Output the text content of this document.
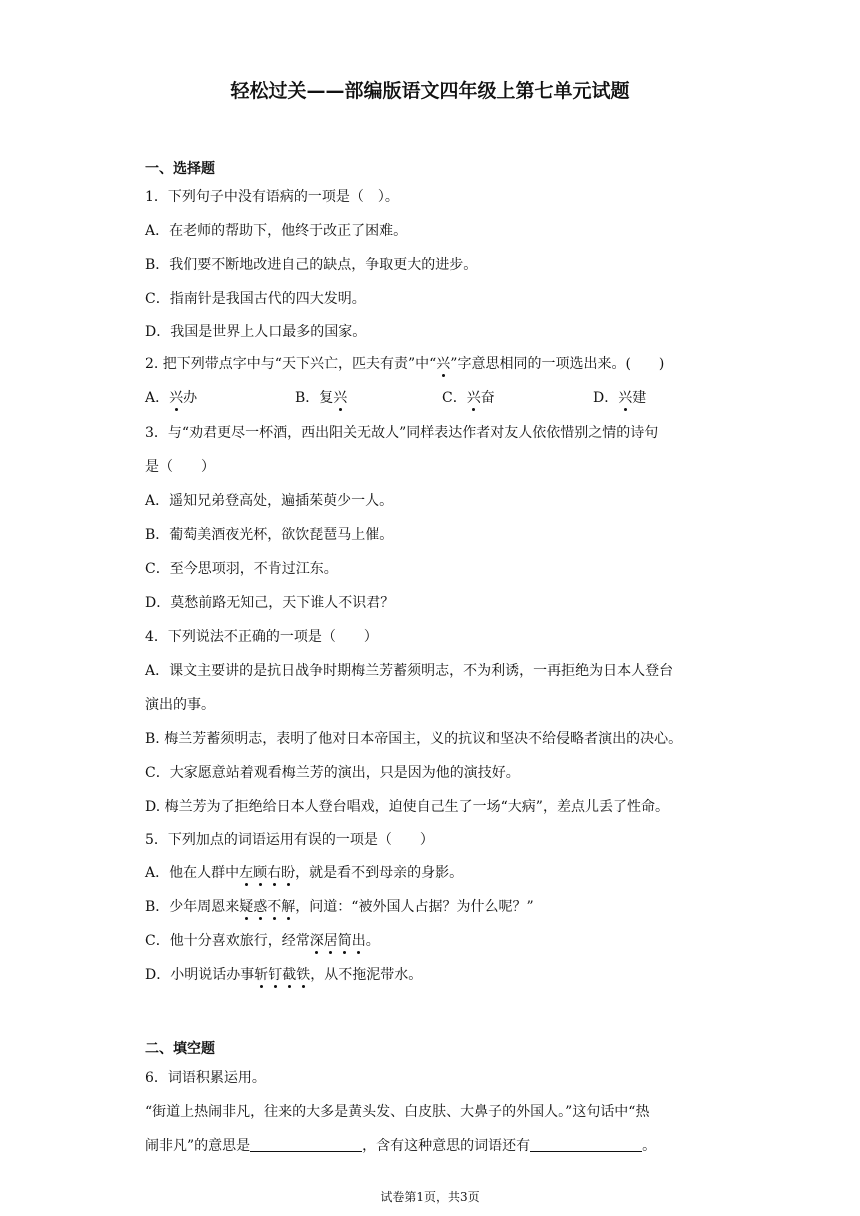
轻松过关——部编版语文四年级上第七单元试题
一、选择题
1．下列句子中没有语病的一项是（　）。
A．在老师的帮助下，他终于改正了困难。
B．我们要不断地改进自己的缺点，争取更大的进步。
C．指南针是我国古代的四大发明。
D．我国是世界上人口最多的国家。
2. 把下列带点字中与“天下兴亡，匹夫有责”中“兴”字意思相同的一项选出来。(　　)
A．兴办	B．复兴	C．兴奋	D．兴建
3．与“劝君更尽一杯酒，西出阳关无故人”同样表达作者对友人依依惜别之情的诗句
是（　　）
A．遥知兄弟登高处，遍插茱萸少一人。
B．葡萄美酒夜光杯，欲饮琵琶马上催。
C．至今思项羽，不肯过江东。
D．莫愁前路无知己，天下谁人不识君？
4．下列说法不正确的一项是（　　）
A．课文主要讲的是抗日战争时期梅兰芳蓄须明志，不为利诱，一再拒绝为日本人登台
演出的事。
B. 梅兰芳蓄须明志，表明了他对日本帝国主，义的抗议和坚决不给侵略者演出的决心。
C．大家愿意站着观看梅兰芳的演出，只是因为他的演技好。
D. 梅兰芳为了拒绝给日本人登台唱戏，迫使自己生了一场“大病”，差点儿丢了性命。
5．下列加点的词语运用有误的一项是（　　）
A．他在人群中左顾右盼，就是看不到母亲的身影。
B．少年周恩来疑惑不解，问道：“被外国人占据？为什么呢？”
C．他十分喜欢旅行，经常深居简出。
D．小明说话办事斩钉截铁，从不拖泥带水。
二、填空题
6．词语积累运用。
“街道上热闹非凡，往来的大多是黄头发、白皮肤、大鼻子的外国人。”这句话中“热
闹非凡”的意思是	，含有这种意思的词语还有	。
试卷第1页，共3页
